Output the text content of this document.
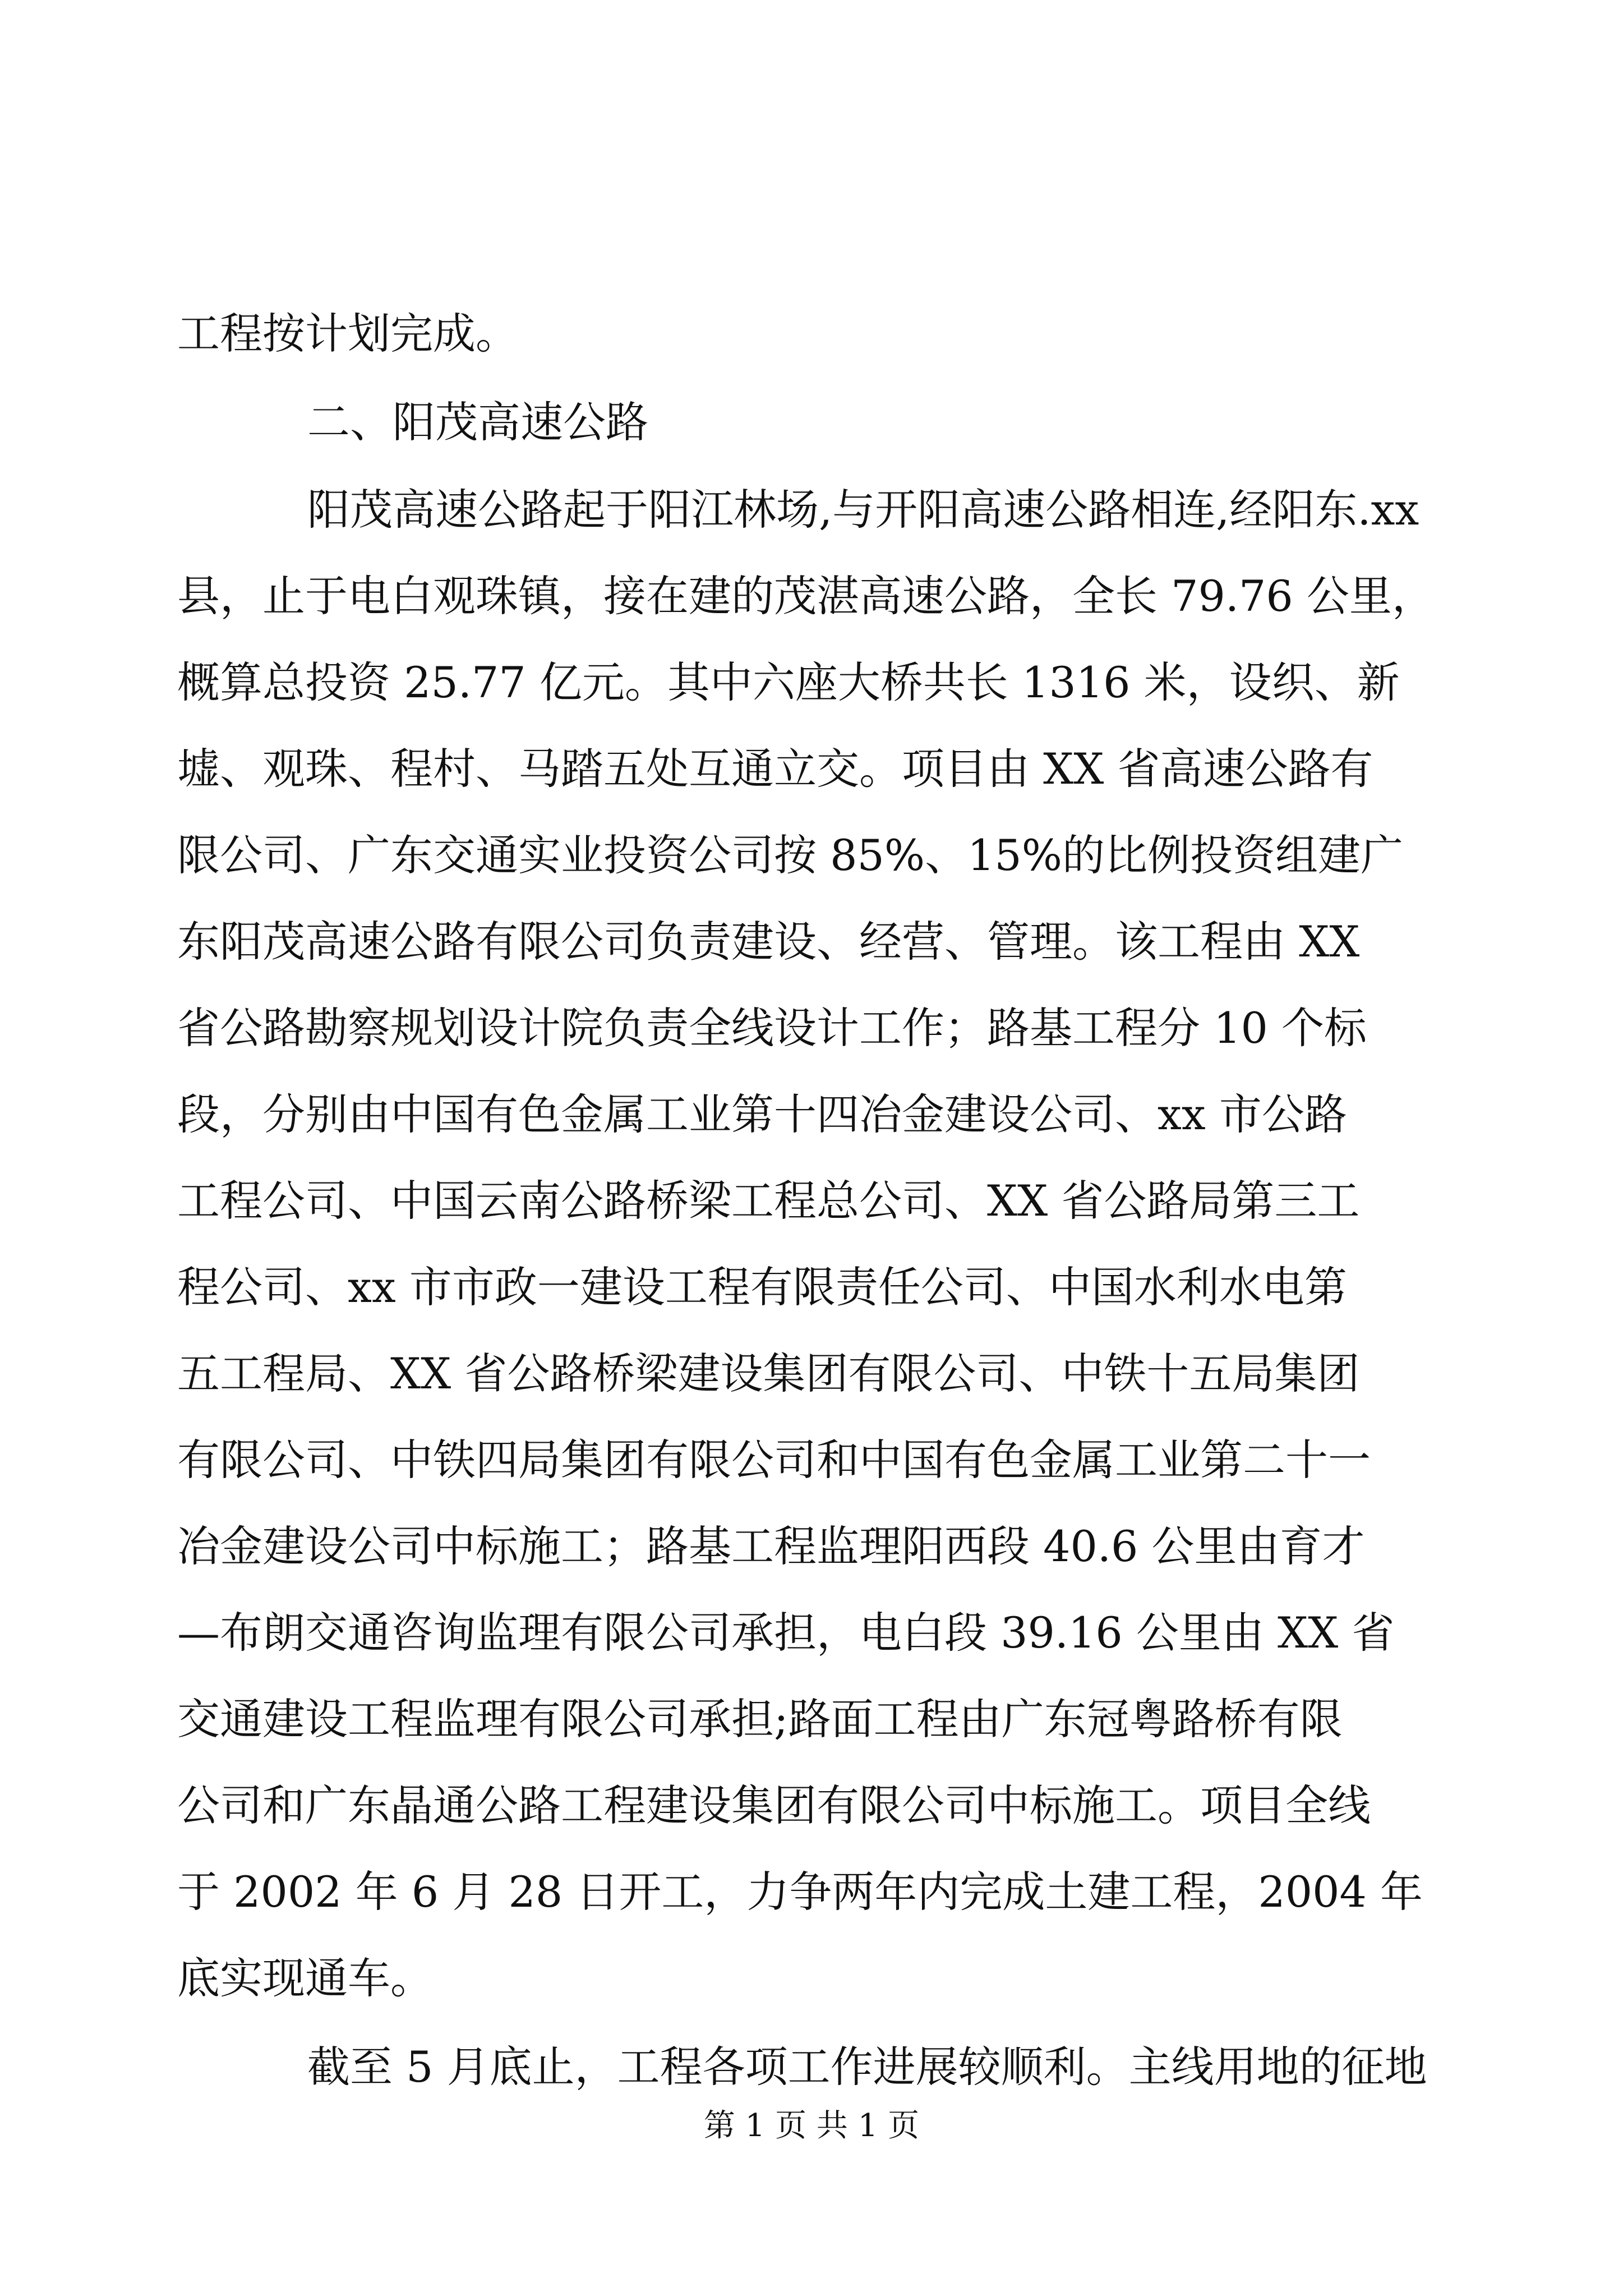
工程按计划完成。
二、阳茂高速公路
阳茂高速公路起于阳江林场,与开阳高速公路相连,经阳东.xx
县，止于电白观珠镇，接在建的茂湛高速公路，全长 79.76 公里，
概算总投资 25.77 亿元。其中六座大桥共长 1316 米，设织、新
墟、观珠、程村、马踏五处互通立交。项目由 XX 省高速公路有
限公司、广东交通实业投资公司按 85%、15%的比例投资组建广
东阳茂高速公路有限公司负责建设、经营、管理。该工程由 XX
省公路勘察规划设计院负责全线设计工作；路基工程分 10 个标
段，分别由中国有色金属工业第十四冶金建设公司、xx 市公路
工程公司、中国云南公路桥梁工程总公司、XX 省公路局第三工
程公司、xx 市市政一建设工程有限责任公司、中国水利水电第
五工程局、XX 省公路桥梁建设集团有限公司、中铁十五局集团
有限公司、中铁四局集团有限公司和中国有色金属工业第二十一
冶金建设公司中标施工；路基工程监理阳西段 40.6 公里由育才
—布朗交通咨询监理有限公司承担，电白段 39.16 公里由 XX 省
交通建设工程监理有限公司承担;路面工程由广东冠粤路桥有限
公司和广东晶通公路工程建设集团有限公司中标施工。项目全线
于 2002 年 6 月 28 日开工，力争两年内完成土建工程，2004 年
底实现通车。
截至 5 月底止，工程各项工作进展较顺利。主线用地的征地
第 1 页 共 1 页
